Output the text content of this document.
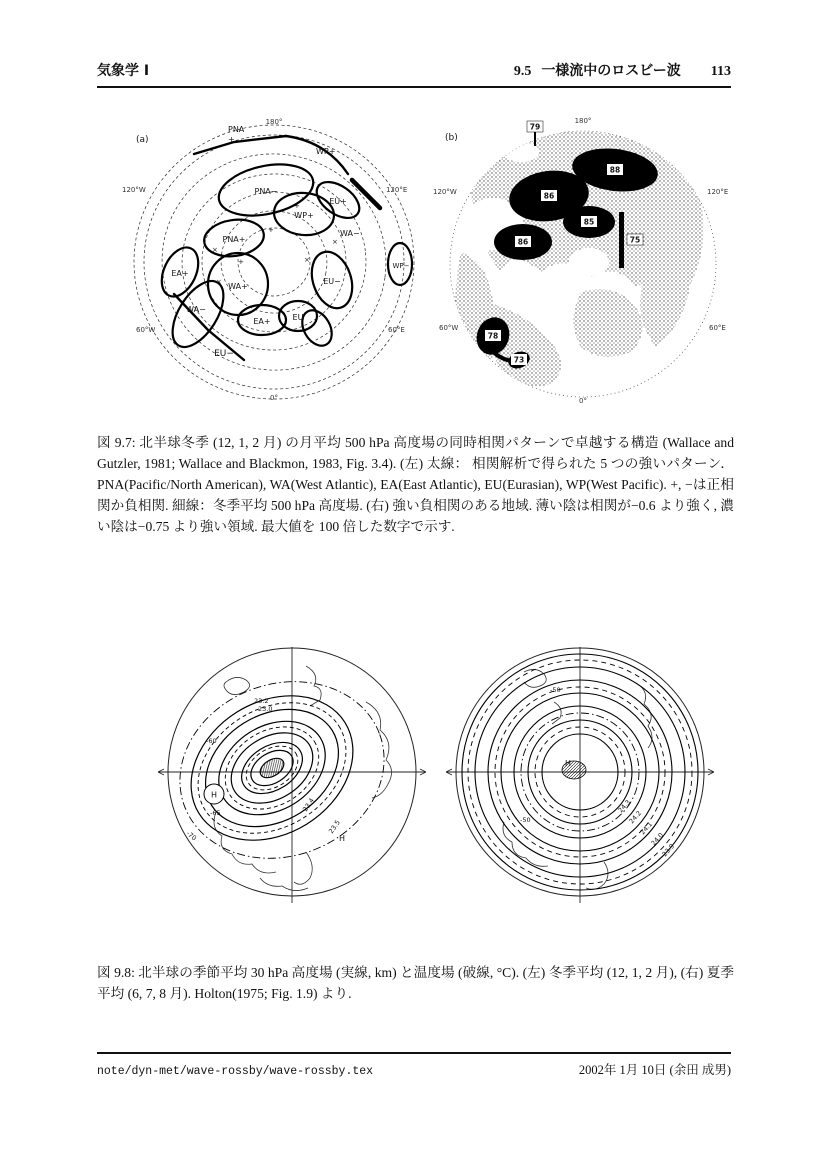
気象学 I	9.5 一様流中のロスビー波 113
+
+
+
×
×
×
×
(a)
180°
120°E
60°E
0°
60°W
120°W
PNA
+
WP+
PNA−
WP+
EU+
WA−
PNA+
EA+
WA+
WA−
EA+	EU
EU−
EU−
WP−
79
86
88
85
86	75
78
73
(b)
180°
120°E
60°E
0°
60°W
120°W

図 9.7: 北半球冬季 (12, 1, 2 月) の月平均 500 hPa 高度場の同時相関パターンで卓越する構造 (Wallace and Gutzler, 1981; Wallace and Blackmon, 1983, Fig. 3.4). (左) 太線： 相関解析で得られた 5 つの強いパターン． PNA(Pacific/North American), WA(West Atlantic), EA(East Atlantic), EU(Eurasian), WP(West Pacific). +, −は正相関か負相関. 細線：冬季平均 500 hPa 高度場. (右) 強い負相関のある地域. 薄い陰は相関が−0.6 より強く, 濃い陰は−0.75 より強い領域. 最大値を 100 倍した数字で示す.

H
H
23.2
23.0
23.4
23.5
-60
-65
-70
H
24.3
24.2
24.1
24.0
23.9
-50
-50

図 9.8: 北半球の季節平均 30 hPa 高度場 (実線, km) と温度場 (破線, °C). (左) 冬季平均 (12, 1, 2 月), (右) 夏季平均 (6, 7, 8 月). Holton(1975; Fig. 1.9) より.

note/dyn-met/wave-rossby/wave-rossby.tex	2002年 1月 10日 (余田 成男)
